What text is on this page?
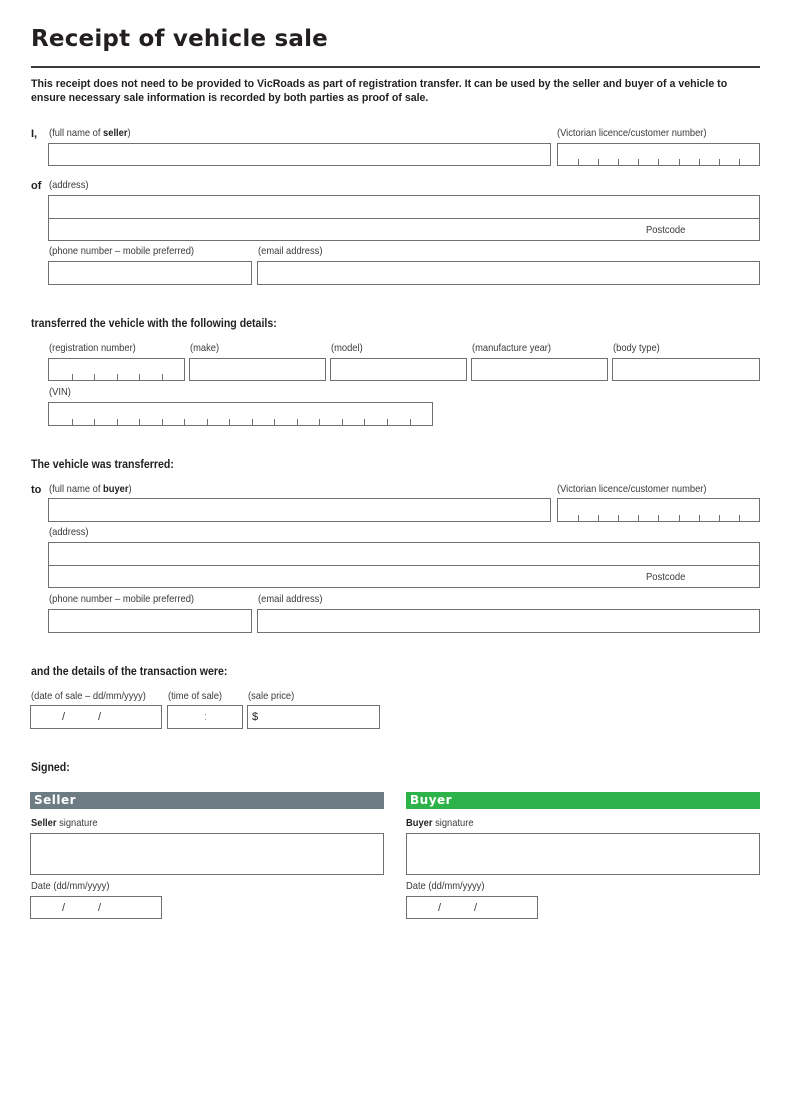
Receipt of vehicle sale
This receipt does not need to be provided to VicRoads as part of registration transfer. It can be used by the seller and buyer of a vehicle to ensure necessary sale information is recorded by both parties as proof of sale.
I, (full name of seller)	(Victorian licence/customer number)
of (address)
Postcode
(phone number – mobile preferred)	(email address)
transferred the vehicle with the following details:
(registration number)	(make)	(model)	(manufacture year)	(body type)
(VIN)
The vehicle was transferred:
to (full name of buyer)	(Victorian licence/customer number)
(address)
Postcode
(phone number – mobile preferred)	(email address)
and the details of the transaction were:
(date of sale – dd/mm/yyyy)
/	/
(time of sale)
:
(sale price)
$
Signed:
Seller
Seller signature
Date (dd/mm/yyyy)
/	/
Buyer
Buyer signature
Date (dd/mm/yyyy)
/	/
